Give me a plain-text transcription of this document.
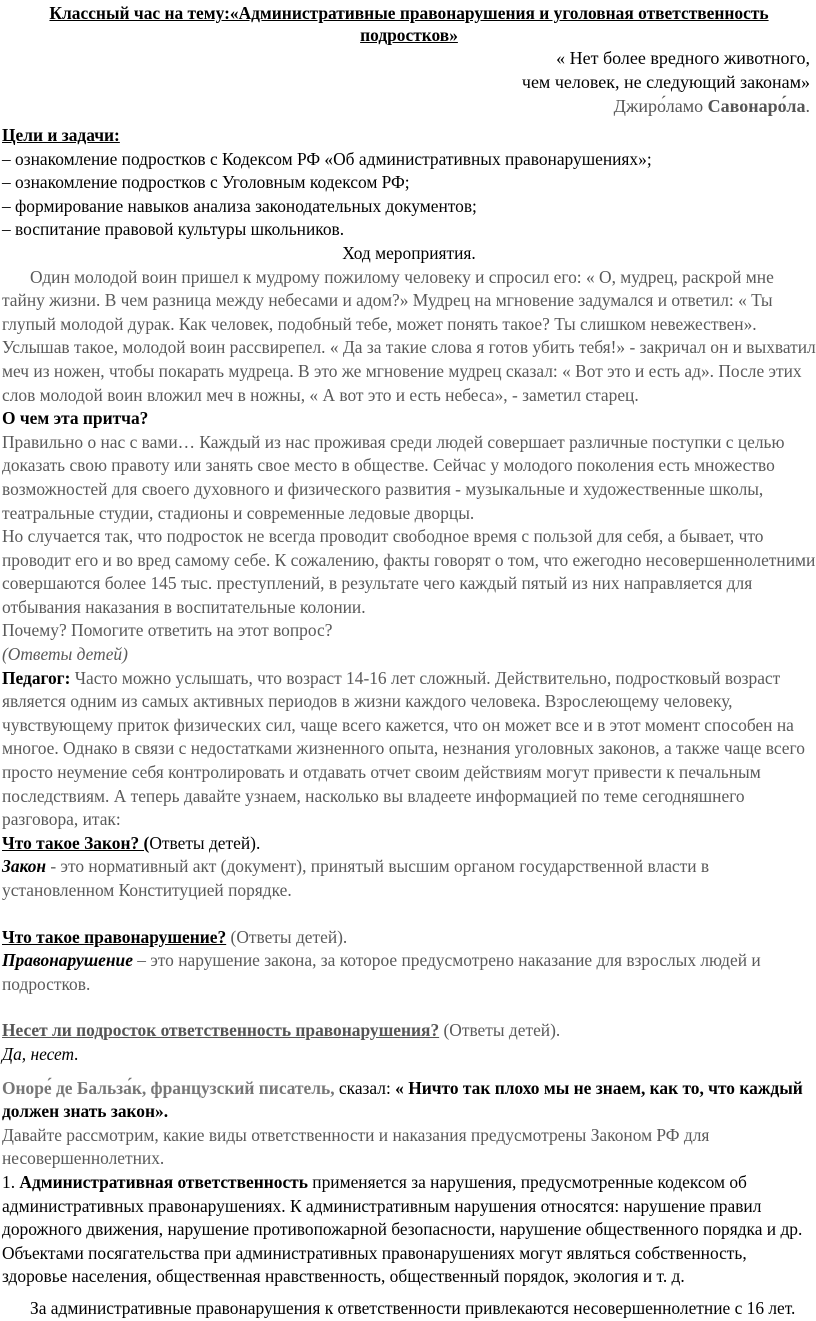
Классный час на тему:«Административные правонарушения и уголовная ответственность подростков»

« Нет более вредного животного,
чем человек, не следующий законам»
Джиро́ламо Савонаро́ла.

Цели и задачи:

– ознакомление подростков с Кодексом РФ «Об административных правонарушениях»;

– ознакомление подростков с Уголовным кодексом РФ;

– формирование навыков анализа законодательных документов;

– воспитание правовой культуры школьников.

Ход мероприятия.

Один молодой воин пришел к мудрому пожилому человеку и спросил его: « О, мудрец, раскрой мне тайну жизни. В чем разница между небесами и адом?» Мудрец на мгновение задумался и ответил: « Ты глупый молодой дурак. Как человек, подобный тебе, может понять такое? Ты слишком невежествен». Услышав такое, молодой воин рассвирепел. « Да за такие слова я готов убить тебя!» - закричал он и выхватил меч из ножен, чтобы покарать мудреца. В это же мгновение мудрец сказал: « Вот это и есть ад». После этих слов молодой воин вложил меч в ножны, « А вот это и есть небеса», - заметил старец.

О чем эта притча?

Правильно о нас с вами… Каждый из нас проживая среди людей совершает различные поступки с целью доказать свою правоту или занять свое место в обществе. Сейчас у молодого поколения есть множество возможностей для своего духовного и физического развития - музыкальные и художественные школы, театральные студии, стадионы и современные ледовые дворцы.

Но случается так, что подросток не всегда проводит свободное время с пользой для себя, а бывает, что проводит его и во вред самому себе. К сожалению, факты говорят о том, что ежегодно несовершеннолетними совершаются более 145 тыс. преступлений, в результате чего каждый пятый из них направляется для отбывания наказания в воспитательные колонии.

Почему? Помогите ответить на этот вопрос?

(Ответы детей)

Педагог: Часто можно услышать, что возраст 14-16 лет сложный. Действительно, подростковый возраст является одним из самых активных периодов в жизни каждого человека. Взрослеющему человеку, чувствующему приток физических сил, чаще всего кажется, что он может все и в этот момент способен на многое. Однако в связи с недостатками жизненного опыта, незнания уголовных законов, а также чаще всего просто неумение себя контролировать и отдавать отчет своим действиям могут привести к печальным последствиям. А теперь давайте узнаем, насколько вы владеете информацией по теме сегодняшнего разговора, итак:

Что такое Закон? (Ответы детей).

Закон - это нормативный акт (документ), принятый высшим органом государственной власти в установленном Конституцией порядке.

Что такое правонарушение? (Ответы детей).

Правонарушение – это нарушение закона, за которое предусмотрено наказание для взрослых людей и подростков.

Несет ли подросток ответственность правонарушения? (Ответы детей).

Да, несет.

Оноре́ де Бальза́к, французский писатель, сказал: « Ничто так плохо мы не знаем, как то, что каждый должен знать закон».

Давайте рассмотрим, какие виды ответственности и наказания предусмотрены Законом РФ для несовершеннолетних.

1. Административная ответственность применяется за нарушения, предусмотренные кодексом об административных правонарушениях. К административным нарушения относятся: нарушение правил дорожного движения, нарушение противопожарной безопасности, нарушение общественного порядка и др. Объектами посягательства при административных правонарушениях могут являться собственность, здоровье населения, общественная нравственность, общественный порядок, экология и т. д.

За административные правонарушения к ответственности привлекаются несовершеннолетние с 16 лет.
